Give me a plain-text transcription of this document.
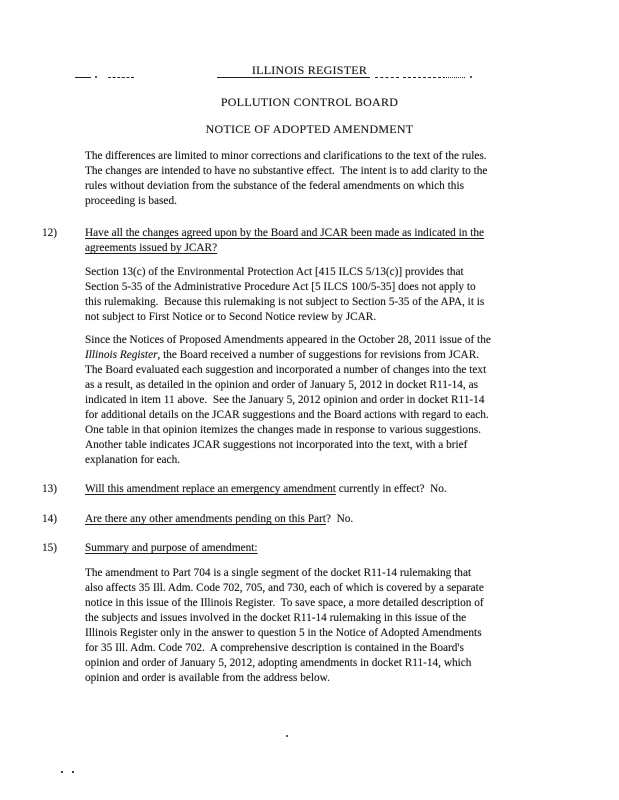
ILLINOIS REGISTER
POLLUTION CONTROL BOARD
NOTICE OF ADOPTED AMENDMENT
The differences are limited to minor corrections and clarifications to the text of the rules.
The changes are intended to have no substantive effect.  The intent is to add clarity to the
rules without deviation from the substance of the federal amendments on which this
proceeding is based.
12) Have all the changes agreed upon by the Board and JCAR been made as indicated in the
agreements issued by JCAR?
Section 13(c) of the Environmental Protection Act [415 ILCS 5/13(c)] provides that
Section 5-35 of the Administrative Procedure Act [5 ILCS 100/5-35] does not apply to
this rulemaking.  Because this rulemaking is not subject to Section 5-35 of the APA, it is
not subject to First Notice or to Second Notice review by JCAR.
Since the Notices of Proposed Amendments appeared in the October 28, 2011 issue of the
Illinois Register, the Board received a number of suggestions for revisions from JCAR.
The Board evaluated each suggestion and incorporated a number of changes into the text
as a result, as detailed in the opinion and order of January 5, 2012 in docket R11-14, as
indicated in item 11 above.  See the January 5, 2012 opinion and order in docket R11-14
for additional details on the JCAR suggestions and the Board actions with regard to each.
One table in that opinion itemizes the changes made in response to various suggestions.
Another table indicates JCAR suggestions not incorporated into the text, with a brief
explanation for each.
13) Will this amendment replace an emergency amendment currently in effect?  No.
14) Are there any other amendments pending on this Part?  No.
15) Summary and purpose of amendment:
The amendment to Part 704 is a single segment of the docket R11-14 rulemaking that
also affects 35 Ill. Adm. Code 702, 705, and 730, each of which is covered by a separate
notice in this issue of the Illinois Register.  To save space, a more detailed description of
the subjects and issues involved in the docket R11-14 rulemaking in this issue of the
Illinois Register only in the answer to question 5 in the Notice of Adopted Amendments
for 35 Ill. Adm. Code 702.  A comprehensive description is contained in the Board's
opinion and order of January 5, 2012, adopting amendments in docket R11-14, which
opinion and order is available from the address below.
